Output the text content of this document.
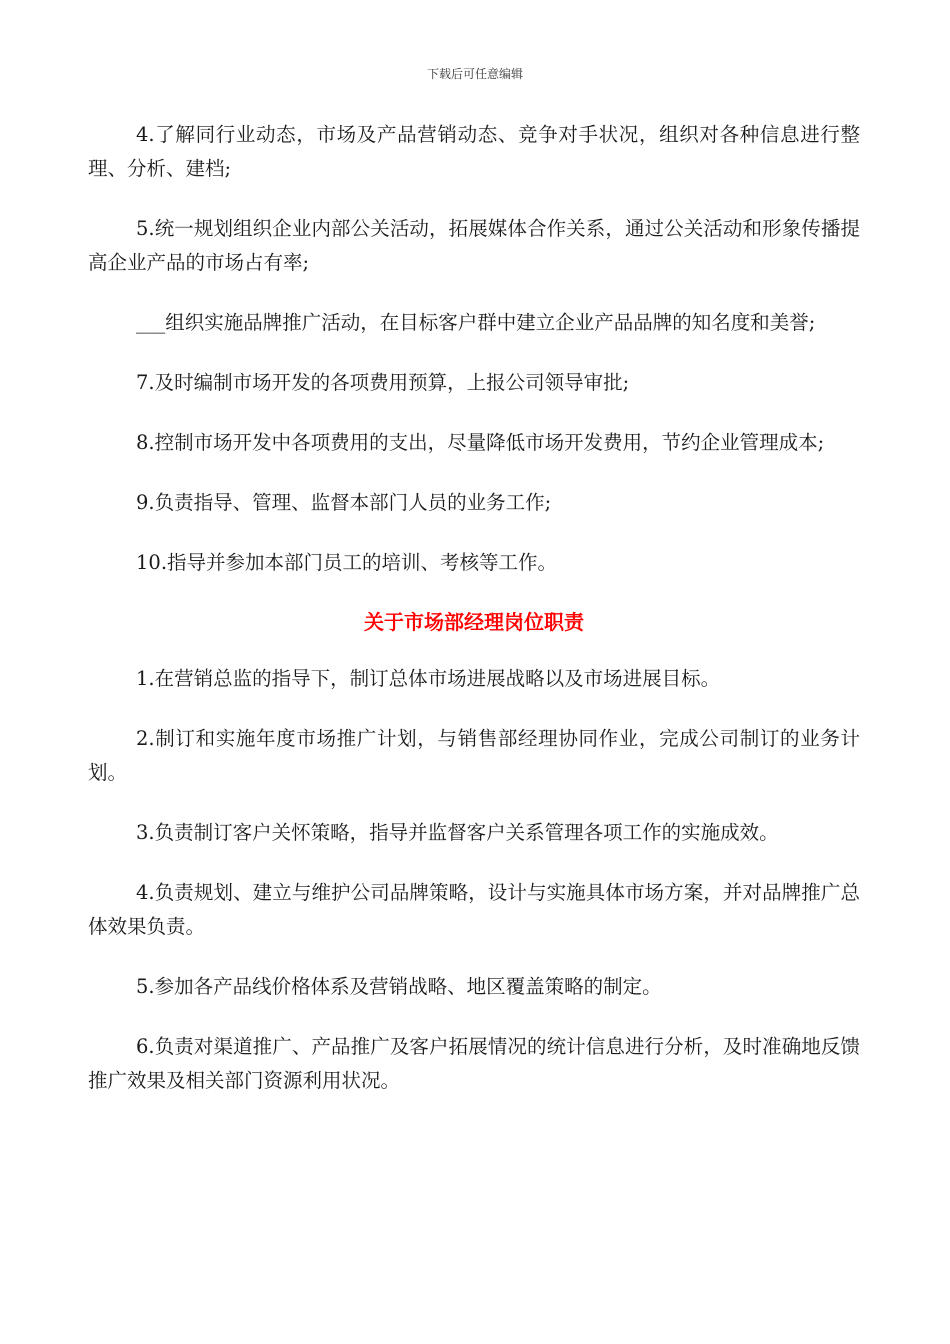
下载后可任意编辑

4.了解同行业动态，市场及产品营销动态、竞争对手状况，组织对各种信息进行整理、分析、建档;

5.统一规划组织企业内部公关活动，拓展媒体合作关系，通过公关活动和形象传播提高企业产品的市场占有率;

___组织实施品牌推广活动，在目标客户群中建立企业产品品牌的知名度和美誉;

7.及时编制市场开发的各项费用预算，上报公司领导审批;

8.控制市场开发中各项费用的支出，尽量降低市场开发费用，节约企业管理成本;

9.负责指导、管理、监督本部门人员的业务工作;

10.指导并参加本部门员工的培训、考核等工作。

关于市场部经理岗位职责

1.在营销总监的指导下，制订总体市场进展战略以及市场进展目标。

2.制订和实施年度市场推广计划，与销售部经理协同作业，完成公司制订的业务计划。

3.负责制订客户关怀策略，指导并监督客户关系管理各项工作的实施成效。

4.负责规划、建立与维护公司品牌策略，设计与实施具体市场方案，并对品牌推广总体效果负责。

5.参加各产品线价格体系及营销战略、地区覆盖策略的制定。

6.负责对渠道推广、产品推广及客户拓展情况的统计信息进行分析，及时准确地反馈推广效果及相关部门资源利用状况。
